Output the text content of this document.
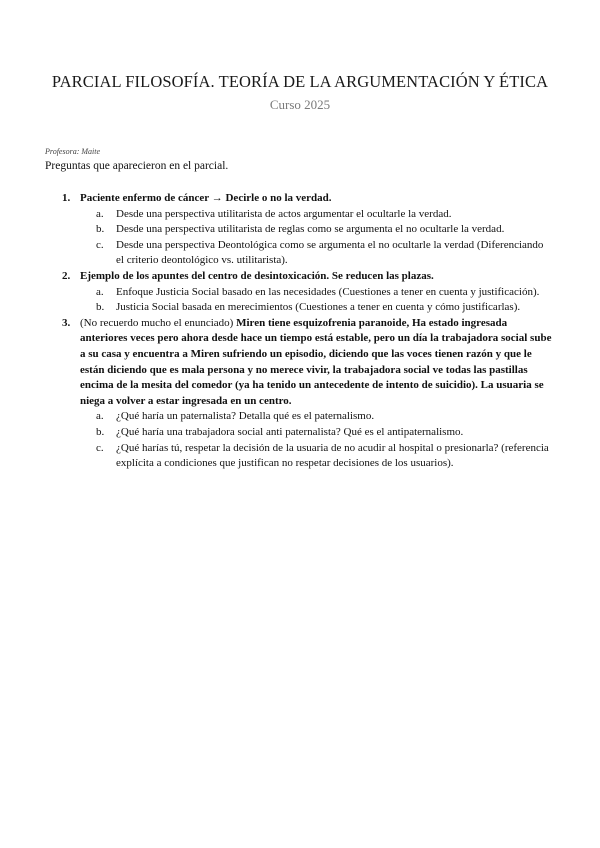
PARCIAL FILOSOFÍA. TEORÍA DE LA ARGUMENTACIÓN Y ÉTICA
Curso 2025
Profesora: Maite
Preguntas que aparecieron en el parcial.
1. Paciente enfermo de cáncer → Decirle o no la verdad.
a. Desde una perspectiva utilitarista de actos argumentar el ocultarle la verdad.
b. Desde una perspectiva utilitarista de reglas como se argumenta el no ocultarle la verdad.
c. Desde una perspectiva Deontológica como se argumenta el no ocultarle la verdad (Diferenciando el criterio deontológico vs. utilitarista).
2. Ejemplo de los apuntes del centro de desintoxicación. Se reducen las plazas.
a. Enfoque Justicia Social basado en las necesidades (Cuestiones a tener en cuenta y justificación).
b. Justicia Social basada en merecimientos (Cuestiones a tener en cuenta y cómo justificarlas).
3. (No recuerdo mucho el enunciado) Miren tiene esquizofrenia paranoide, Ha estado ingresada anteriores veces pero ahora desde hace un tiempo está estable, pero un día la trabajadora social sube a su casa y encuentra a Miren sufriendo un episodio, diciendo que las voces tienen razón y que le están diciendo que es mala persona y no merece vivir, la trabajadora social ve todas las pastillas encima de la mesita del comedor (ya ha tenido un antecedente de intento de suicidio). La usuaria se niega a volver a estar ingresada en un centro.
a. ¿Qué haría un paternalista? Detalla qué es el paternalismo.
b. ¿Qué haría una trabajadora social anti paternalista? Qué es el antipaternalismo.
c. ¿Qué harías tú, respetar la decisión de la usuaria de no acudir al hospital o presionarla? (referencia explícita a condiciones que justifican no respetar decisiones de los usuarios).
